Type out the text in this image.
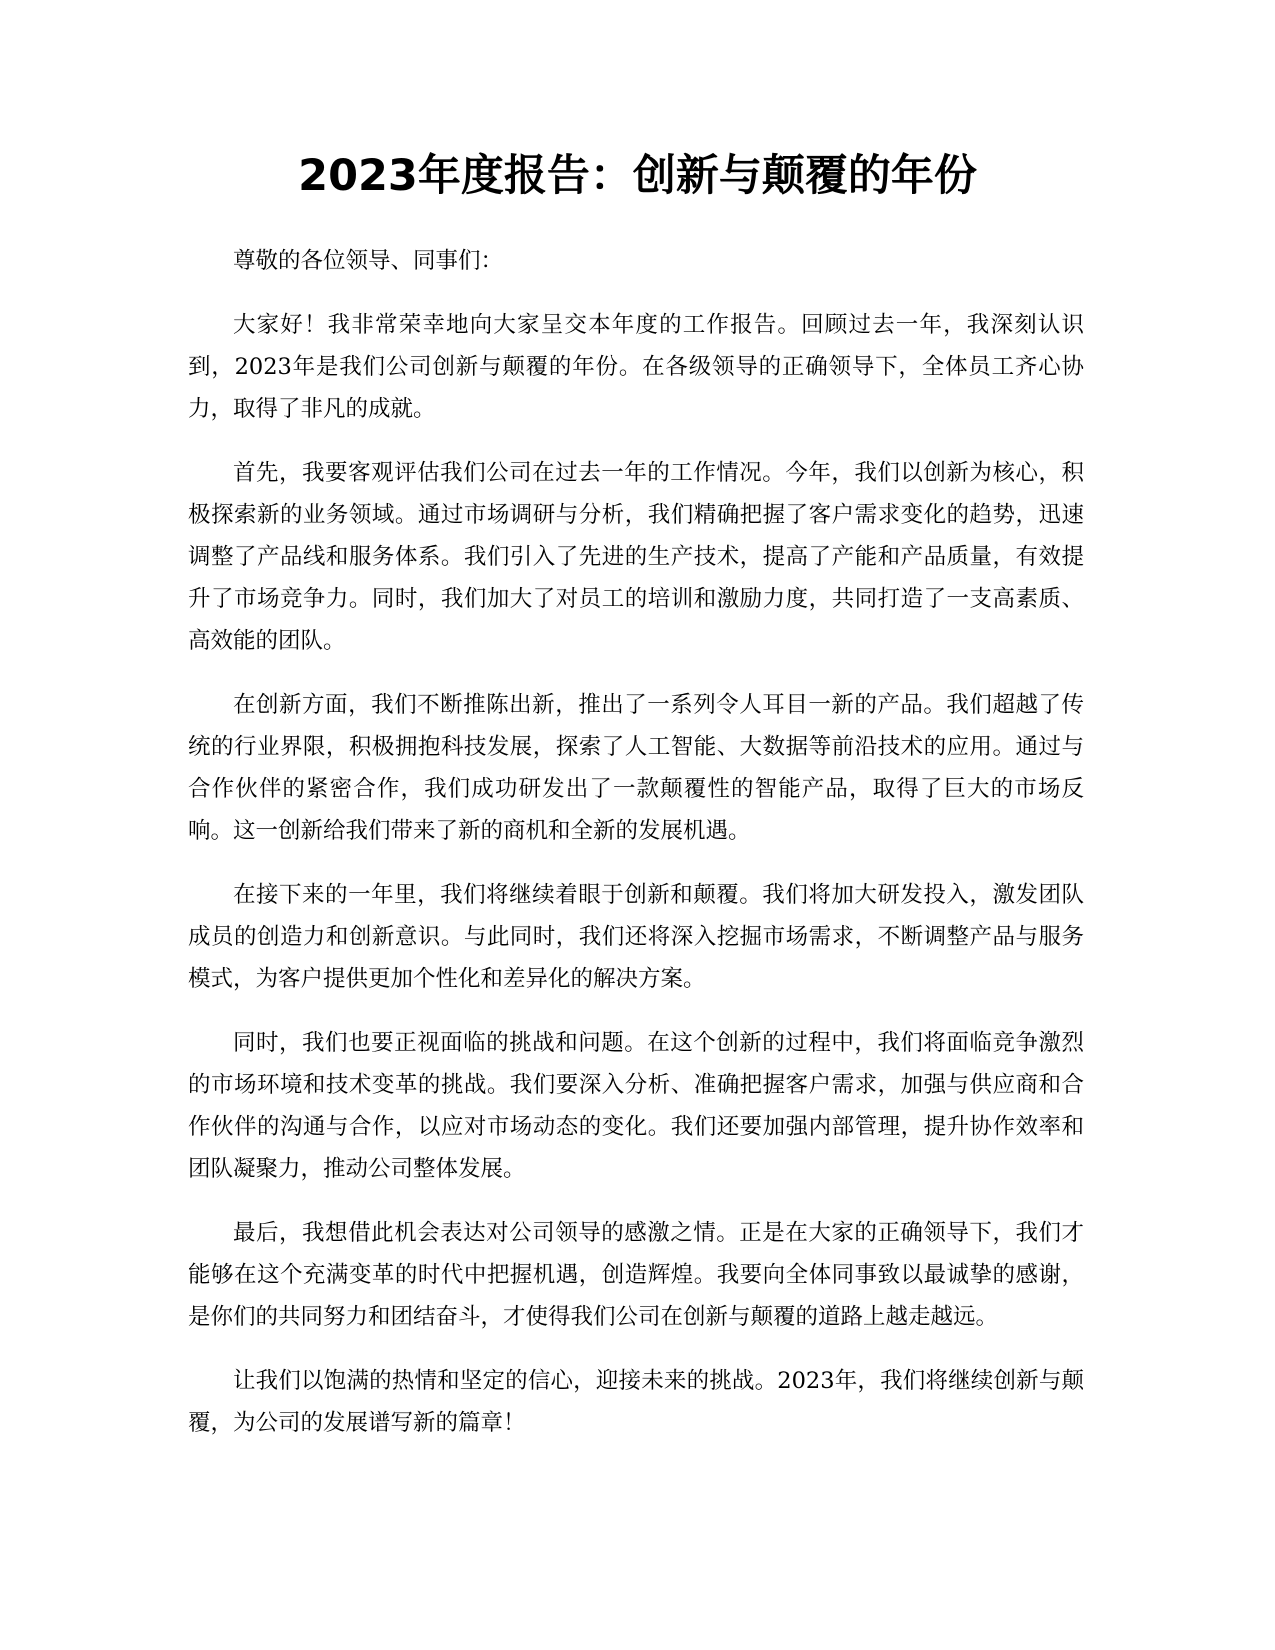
2023年度报告：创新与颠覆的年份

尊敬的各位领导、同事们：

大家好！我非常荣幸地向大家呈交本年度的工作报告。回顾过去一年，我深刻认识到，2023年是我们公司创新与颠覆的年份。在各级领导的正确领导下，全体员工齐心协力，取得了非凡的成就。

首先，我要客观评估我们公司在过去一年的工作情况。今年，我们以创新为核心，积极探索新的业务领域。通过市场调研与分析，我们精确把握了客户需求变化的趋势，迅速调整了产品线和服务体系。我们引入了先进的生产技术，提高了产能和产品质量，有效提升了市场竞争力。同时，我们加大了对员工的培训和激励力度，共同打造了一支高素质、高效能的团队。

在创新方面，我们不断推陈出新，推出了一系列令人耳目一新的产品。我们超越了传统的行业界限，积极拥抱科技发展，探索了人工智能、大数据等前沿技术的应用。通过与合作伙伴的紧密合作，我们成功研发出了一款颠覆性的智能产品，取得了巨大的市场反响。这一创新给我们带来了新的商机和全新的发展机遇。

在接下来的一年里，我们将继续着眼于创新和颠覆。我们将加大研发投入，激发团队成员的创造力和创新意识。与此同时，我们还将深入挖掘市场需求，不断调整产品与服务模式，为客户提供更加个性化和差异化的解决方案。

同时，我们也要正视面临的挑战和问题。在这个创新的过程中，我们将面临竞争激烈的市场环境和技术变革的挑战。我们要深入分析、准确把握客户需求，加强与供应商和合作伙伴的沟通与合作，以应对市场动态的变化。我们还要加强内部管理，提升协作效率和团队凝聚力，推动公司整体发展。

最后，我想借此机会表达对公司领导的感激之情。正是在大家的正确领导下，我们才能够在这个充满变革的时代中把握机遇，创造辉煌。我要向全体同事致以最诚挚的感谢，是你们的共同努力和团结奋斗，才使得我们公司在创新与颠覆的道路上越走越远。

让我们以饱满的热情和坚定的信心，迎接未来的挑战。2023年，我们将继续创新与颠覆，为公司的发展谱写新的篇章！
